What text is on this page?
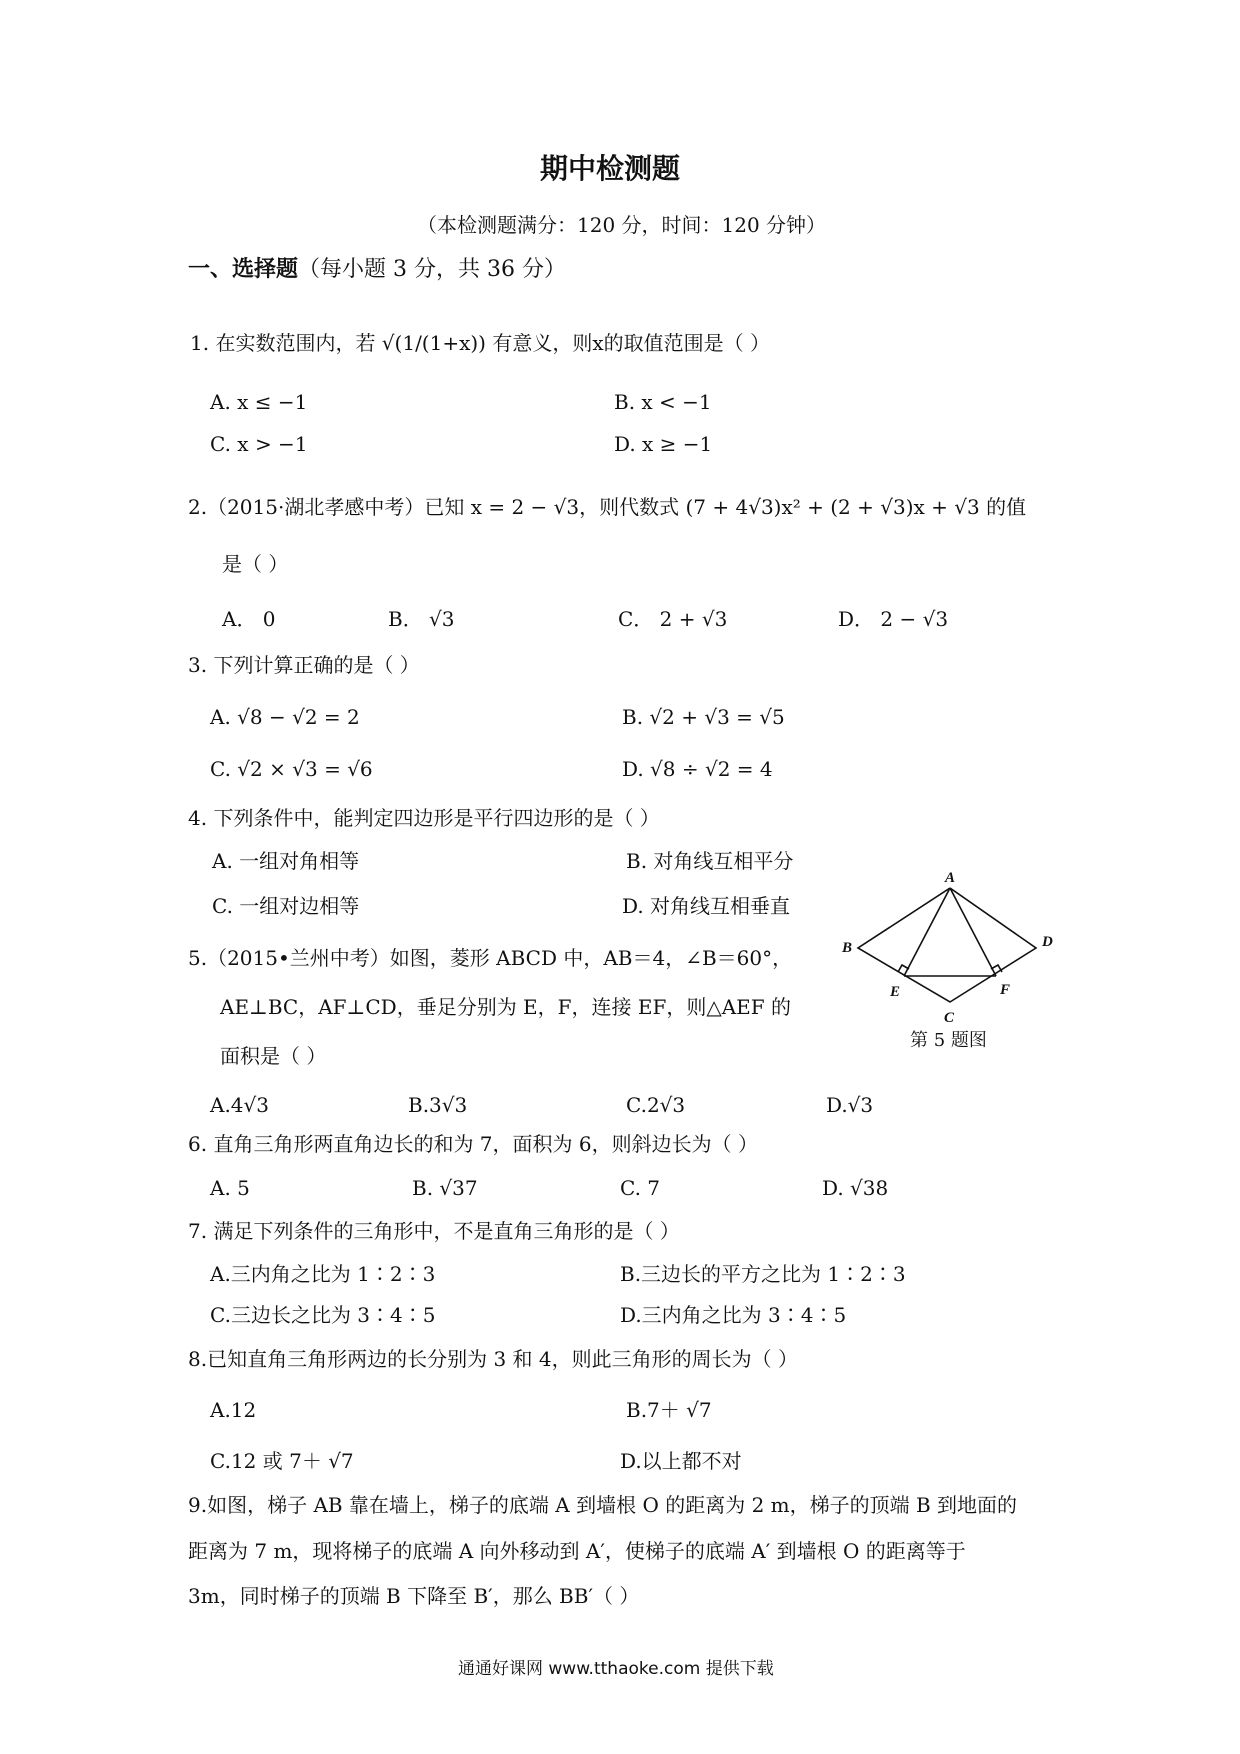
期中检测题
（本检测题满分：120 分，时间：120 分钟）
一、选择题（每小题 3 分，共 36 分）
1. 在实数范围内，若 √(1/(1+x)) 有意义，则x的取值范围是（ ）
A. x ≤ −1	B. x < −1
C. x > −1	D. x ≥ −1
2.（2015·湖北孝感中考）已知 x = 2 − √3，则代数式 (7 + 4√3)x² + (2 + √3)x + √3 的值
是（ ）
A． 0	B． √3	C． 2 + √3	D． 2 − √3
3. 下列计算正确的是（ ）
A. √8 − √2 = 2	B. √2 + √3 = √5
C. √2 × √3 = √6	D. √8 ÷ √2 = 4
4. 下列条件中，能判定四边形是平行四边形的是（ ）
A. 一组对角相等	B. 对角线互相平分
C. 一组对边相等	D. 对角线互相垂直
5.（2015•兰州中考）如图，菱形 ABCD 中，AB＝4，∠B＝60°，
AE⊥BC，AF⊥CD，垂足分别为 E，F，连接 EF，则△AEF 的
面积是（ ）
A.4√3	B.3√3	C.2√3	D.√3
A
B
C
D
E	F
第 5 题图
6. 直角三角形两直角边长的和为 7，面积为 6，则斜边长为（ ）
A. 5	B. √37	C. 7	D. √38
7. 满足下列条件的三角形中，不是直角三角形的是（ ）
A.三内角之比为 1∶2∶3	B.三边长的平方之比为 1∶2∶3
C.三边长之比为 3∶4∶5	D.三内角之比为 3∶4∶5
8.已知直角三角形两边的长分别为 3 和 4，则此三角形的周长为（ ）
A.12	B.7＋ √7
C.12 或 7＋ √7	D.以上都不对
9.如图，梯子 AB 靠在墙上，梯子的底端 A 到墙根 O 的距离为 2 m，梯子的顶端 B 到地面的
距离为 7 m，现将梯子的底端 A 向外移动到 A′，使梯子的底端 A′ 到墙根 O 的距离等于
3m，同时梯子的顶端 B 下降至 B′，那么 BB′（ ）
通通好课网 www.tthaoke.com 提供下载
